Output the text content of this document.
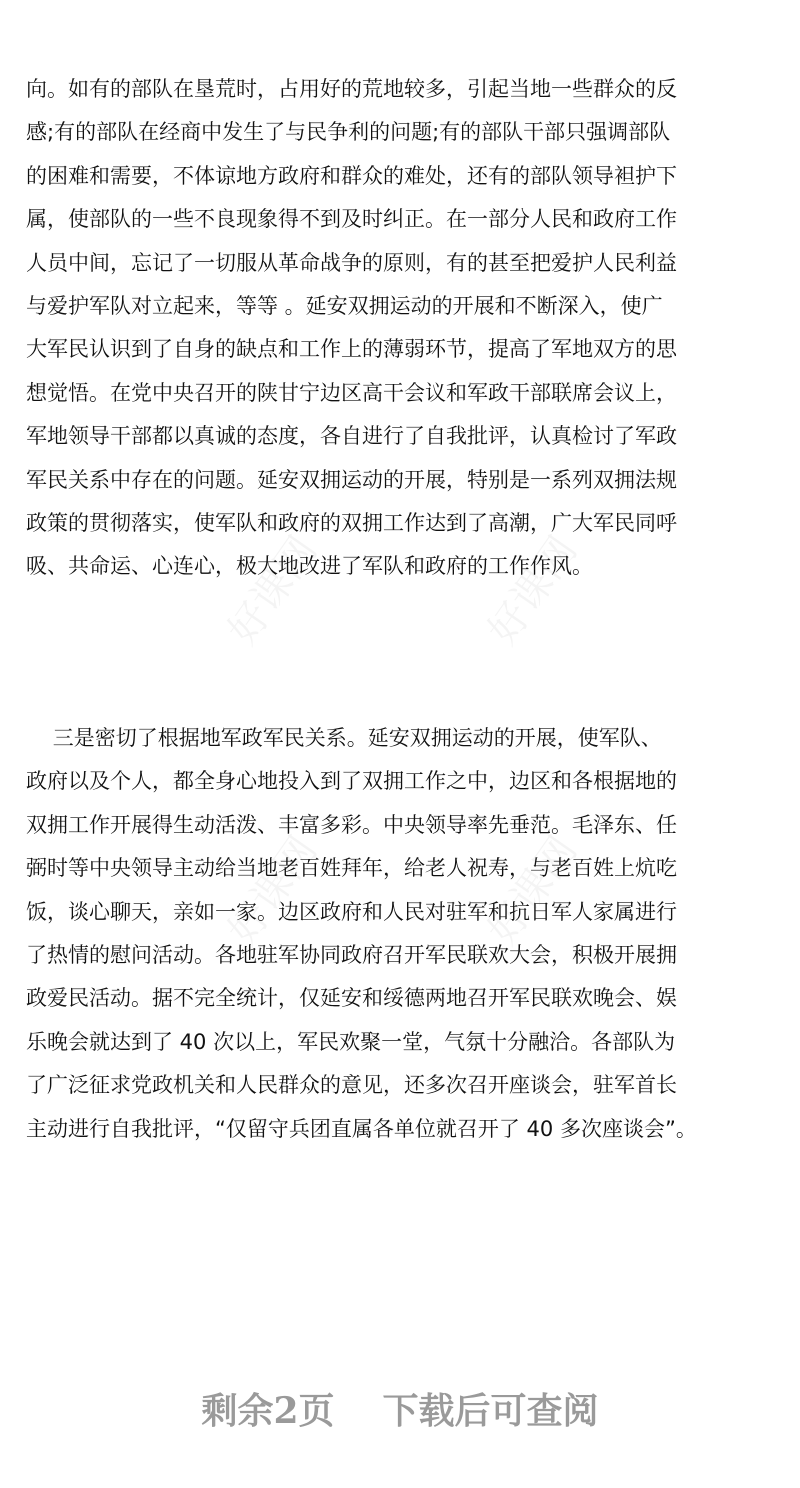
向。如有的部队在垦荒时，占用好的荒地较多，引起当地一些群众的反
感;有的部队在经商中发生了与民争利的问题;有的部队干部只强调部队
的困难和需要，不体谅地方政府和群众的难处，还有的部队领导袒护下
属，使部队的一些不良现象得不到及时纠正。在一部分人民和政府工作
人员中间，忘记了一切服从革命战争的原则，有的甚至把爱护人民利益
与爱护军队对立起来，等等 。延安双拥运动的开展和不断深入，使广
大军民认识到了自身的缺点和工作上的薄弱环节，提高了军地双方的思
想觉悟。在党中央召开的陕甘宁边区高干会议和军政干部联席会议上，
军地领导干部都以真诚的态度，各自进行了自我批评，认真检讨了军政
军民关系中存在的问题。延安双拥运动的开展，特别是一系列双拥法规
政策的贯彻落实，使军队和政府的双拥工作达到了高潮，广大军民同呼
吸、共命运、心连心，极大地改进了军队和政府的工作作风。
三是密切了根据地军政军民关系。延安双拥运动的开展，使军队、
政府以及个人，都全身心地投入到了双拥工作之中，边区和各根据地的
双拥工作开展得生动活泼、丰富多彩。中央领导率先垂范。毛泽东、任
弼时等中央领导主动给当地老百姓拜年，给老人祝寿，与老百姓上炕吃
饭，谈心聊天，亲如一家。边区政府和人民对驻军和抗日军人家属进行
了热情的慰问活动。各地驻军协同政府召开军民联欢大会，积极开展拥
政爱民活动。据不完全统计，仅延安和绥德两地召开军民联欢晚会、娱
乐晚会就达到了 40 次以上，军民欢聚一堂，气氛十分融洽。各部队为
了广泛征求党政机关和人民群众的意见，还多次召开座谈会，驻军首长
主动进行自我批评，“仅留守兵团直属各单位就召开了 40 多次座谈会”。
剩余2页 下载后可查阅
